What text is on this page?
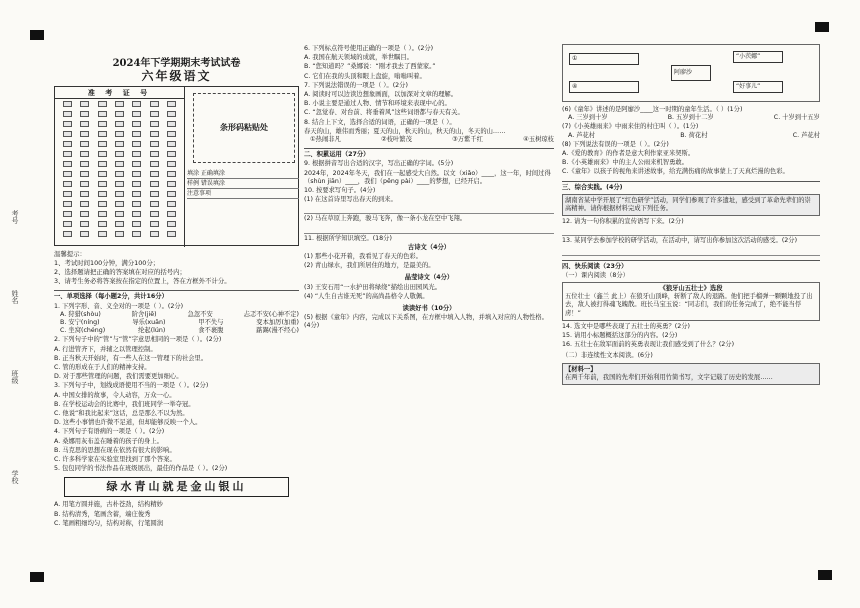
考号
姓名
班级
学校
2024年下学期期末考试试卷
六年级语文
准 考 证 号
条形码粘贴处
填涂 正确填涂
样例 错误填涂
注意事项
温馨提示：
1、考试时间100分钟，满分100分；
2、选择题请把正确的答案填在对应的括号内；
3、请考生务必将答案按在指定的位置上，答在方框外不计分。
一、单项选择（每小题2分，共计16分）
1. 下列字形、音、义全对的一项是（ ）。(2分)
A. 狩猎(shòu)	阶舍(jiē)	急忽不安	忐忑不安(心神不定)
B. 安宁(níng)	导乐(xuān)	甲不失与	变本加厉(加重)
C. 坐窝(chéng)	纶起(lún)	食不裹腹	踮踢(漫不经心)
2. 下列句子中的“管”与“管”字意思相同的一项是（ ）。(2分)
A. 行进管齐下，并辅之以管理控制。
B. 正当秋天开始时，有一些人在这一管理下的社会里。
C. 管的形成在于人们的精神支持。
D. 对于那些管理的问题，我们需要更加细心。
3. 下列句子中，划线成语使用不当的一项是（ ）。(2分)
A. 中国女排的故事，令人动容，万众一心。
B. 在学校运动会的比赛中，我们班同学一举夺冠。
C. 他说“和我比起来”这话，总是那么不以为然。
D. 这些小事情也许微不足道，但却能够反映一个人。
4. 下列句子有语病的一项是（ ）。(2分)
A. 桑娜用灰布盖在睡着的孩子的身上。
B. 马克思的思想在现在依然有很大的影响。
C. 许多科学家在实验室里找到了那个答案。
5. 包包同学的书法作品在班级展出，最佳的作品是（ ）。(2分)
绿水青山就是金山银山
A. 用笔方圆并施，古朴苍劲，结构精妙
B. 结构清秀，笔画含蓄，端庄俊秀
C. 笔画粗细均匀，结构对称，行笔圆润
6. 下列标点符号使用正确的一项是（ ）。(2分)
A. 我国在航天领域的成就，举世瞩目。
B. “您知道吗？”桑娜说：“刚才我去了西蒙家。”
C. 它们在我的头顶和眼上盘旋，嗡嗡叫着。
7. 下列说法错误的一项是（ ）。(2分)
A. 阅读时可以边读边想象画面，以加深对文章的理解。
B. 小说主要是通过人物、情节和环境来表现中心的。
C. “忽觉春、对台前、将垂着风”这些词语都与春天有关。
8. 结合上下文，选择合适的词语，正确的一项是（ ）。
春天的山，雄伟而秀丽；夏天的山，秋天的山，秋天的山，冬天的山……
①热闹非凡	②枝叶繁茂	③万紫千红	④玉树琼枝
二、积累运用（27分）
9. 根据拼音写出合适的汉字，写出正确的字词。(5分)
2024年，2024年冬天，我们在一起感受大自然。以文（xiǎo）____，这一年，时间过得（shùn jiān）____，我们（pēng pài）____的梦想，已经开启。
10. 按要求写句子。(4分)
(1) 在这首诗里写出春天的到来。
(2) 马在草原上奔跑，骏马飞奔，像一条小龙在空中飞翔。
11. 根据所学知识填空。(18分)
古诗文（4分）
(1) 那些小花开着，我看见了春天的色彩。
(2) 青山绿水，我们所居住的地方，是最美的。
晶莹诗文（4分）
(3) 王安石用“一水护田将绿绕”描绘出田园风光。
(4) “人生自古谁无死”的高尚品格令人敬佩。
读读好书（10分）
(5) 根据《童年》内容，完成以下关系图，在方框中填入人物，并填入对应的人物性格。(4分)
①
④
阿廖沙
“小茨娜”
“好事儿”
(6)《童年》讲述的是阿廖沙____这一时期的童年生活。（ ）(1分)
A. 三岁到十岁	B. 五岁到十二岁	C. 十岁到十五岁
(7)《小英雄雨来》中雨来住的村庄叫（ ）。(1分)
A. 芦花村	B. 荷花村	C. 芦花村
(8) 下列说法有误的一项是（ ）。(2分)
A.《爱的教育》的作者是意大利作家亚米契斯。
B.《小英雄雨来》中的主人公雨来机智勇敢。
C.《童年》以孩子的视角来讲述故事，给充满伤痛的故事蒙上了天真烂漫的色彩。
三、综合实践。(4分)
湖南省某中学开展了“红色研学”活动，同学们参观了许多遗址，感受到了革命先辈们的崇高精神。请你根据材料完成下列任务。
12. 请为一句你积累的宣传语写下来。(2分)
13. 某同学去参加学校的研学活动，在活动中，请写出你参加这次活动的感受。(2分)
四、快乐阅读（23分）
（一）课内阅读（8分）
《狼牙山五壮士》选段
五位壮士（鑫兰 此上）在狼牙山顶峰，斩断了敌人的退路。他们把手榴弹一颗颗地投了出去，敌人被打得魂飞魄散。班长马宝玉说：“同志们，我们的任务完成了，绝不能当俘虏！”
14. 选文中是哪些表现了五壮士的英勇？(2分)
15. 请用小标题概括这部分的内容。(2分)
16. 五壮士在敌军面前的英勇表现让我们感受到了什么？(2分)
（二）非连续性文本阅读。(6分)
【材料一】
在两千年前，我国的先辈们开始利用竹简书写，文字记载了历史的发展……
